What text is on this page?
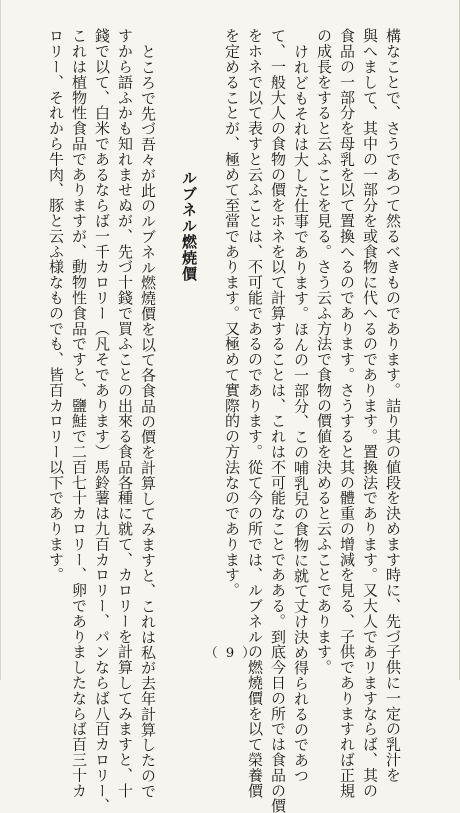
構なことで、さうであつて然るべきものであります。詰り其の値段を決めます時に、先づ子供に一定の乳汁を
與へまして、其中の一部分を或食物に代へるのであります。置換法であります。又大人であリますならば、其の
食品の一部分を母乳を以て置換へるのであります。さうすると其の體重の增減を見る、子供でありますれば正規
の成長をすると云ふことを見る。さう云ふ方法で食物の價値を決めると云ふことであります。
けれどもそれは大した仕事であります。ほんの一部分、この哺乳兒の食物に就て丈け決め得られるのであつ
て、一般大人の食物の價をホネを以て計算することは、これは不可能なことであある。到底今日の所では食品の價
をホネで以て表すと云ふことは、不可能であるのであります。從て今の所では、ルブネルの燃燒價を以て榮養價
を定めることが、極めて至當であります。又極めて實際的の方法なのであります。
ルブネル燃焼價
ところで先づ吾々が此のルブネル燃燒價を以て各食品の價を計算してみますと、これは私が去年計算したので
すから語ふかも知れませぬが、先づ十錢で買ふことの出來る食品各種に就て、カロリーを計算してみますと、十
錢で以て、白米であるならば一千カロリー（凡そであります）馬鈴薯は九百カロリー、パンならば八百カロリー、
これは植物性食品でありますが、動物性食品ですと、鹽鮭で二百七十カロリー、卵でありましたならば百三十カ
ロリー、それから牛肉、豚と云ふ様なものでも、皆百カロリー以下であります。
（ 9 ）
